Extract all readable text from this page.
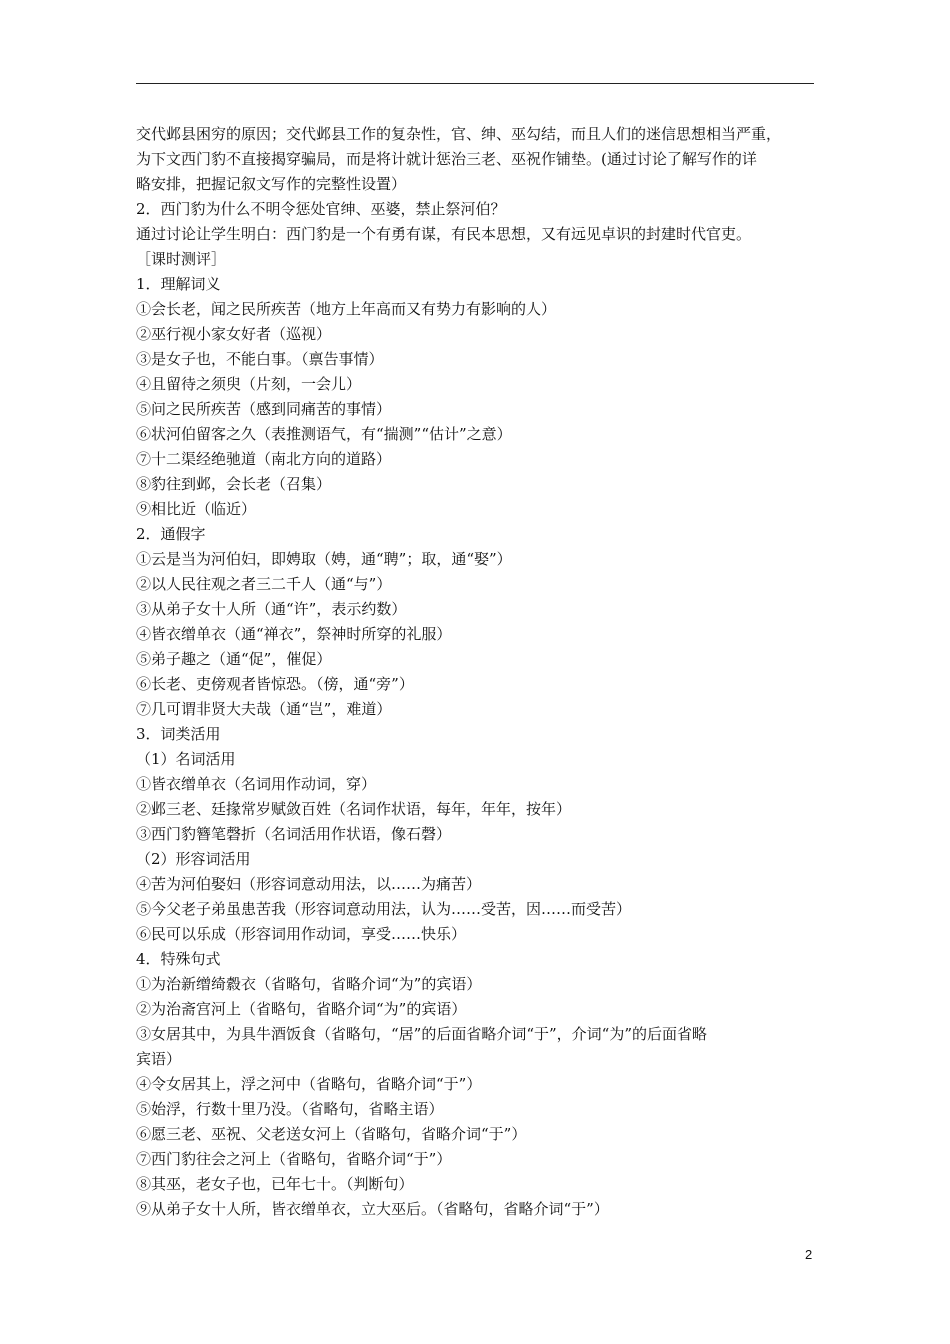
交代邺县困穷的原因；交代邺县工作的复杂性，官、绅、巫勾结，而且人们的迷信思想相当严重，
为下文西门豹不直接揭穿骗局，而是将计就计惩治三老、巫祝作铺垫。(通过讨论了解写作的详
略安排，把握记叙文写作的完整性设置）
2．西门豹为什么不明令惩处官绅、巫婆，禁止祭河伯？
通过讨论让学生明白：西门豹是一个有勇有谋，有民本思想，又有远见卓识的封建时代官吏。
［课时测评］
1．理解词义
①会长老，闻之民所疾苦（地方上年高而又有势力有影响的人）
②巫行视小家女好者（巡视）
③是女子也，不能白事。（禀告事情）
④且留待之须臾（片刻，一会儿）
⑤问之民所疾苦（感到同痛苦的事情）
⑥状河伯留客之久（表推测语气，有“揣测”“估计”之意）
⑦十二渠经绝驰道（南北方向的道路）
⑧豹往到邺，会长老（召集）
⑨相比近（临近）
2．通假字
①云是当为河伯妇，即娉取（娉，通“聘”；取，通“娶”）
②以人民往观之者三二千人（通“与”）
③从弟子女十人所（通“许”，表示约数）
④皆衣缯单衣（通“禅衣”，祭神时所穿的礼服）
⑤弟子趣之（通“促”，催促）
⑥长老、吏傍观者皆惊恐。（傍，通“旁”）
⑦几可谓非贤大夫哉（通“岂”，难道）
3．词类活用
（1）名词活用
①皆衣缯单衣（名词用作动词，穿）
②邺三老、廷掾常岁赋敛百姓（名词作状语，每年，年年，按年）
③西门豹簪笔磬折（名词活用作状语，像石磬）
（2）形容词活用
④苦为河伯娶妇（形容词意动用法，以……为痛苦）
⑤今父老子弟虽患苦我（形容词意动用法，认为……受苦，因……而受苦）
⑥民可以乐成（形容词用作动词，享受……快乐）
4．特殊句式
①为治新缯绮縠衣（省略句，省略介词“为”的宾语）
②为治斋宫河上（省略句，省略介词“为”的宾语）
③女居其中，为具牛酒饭食（省略句，“居”的后面省略介词“于”，介词“为”的后面省略
宾语）
④令女居其上，浮之河中（省略句，省略介词“于”）
⑤始浮，行数十里乃没。（省略句，省略主语）
⑥愿三老、巫祝、父老送女河上（省略句，省略介词“于”）
⑦西门豹往会之河上（省略句，省略介词“于”）
⑧其巫，老女子也，已年七十。（判断句）
⑨从弟子女十人所，皆衣缯单衣，立大巫后。（省略句，省略介词“于”）
2
